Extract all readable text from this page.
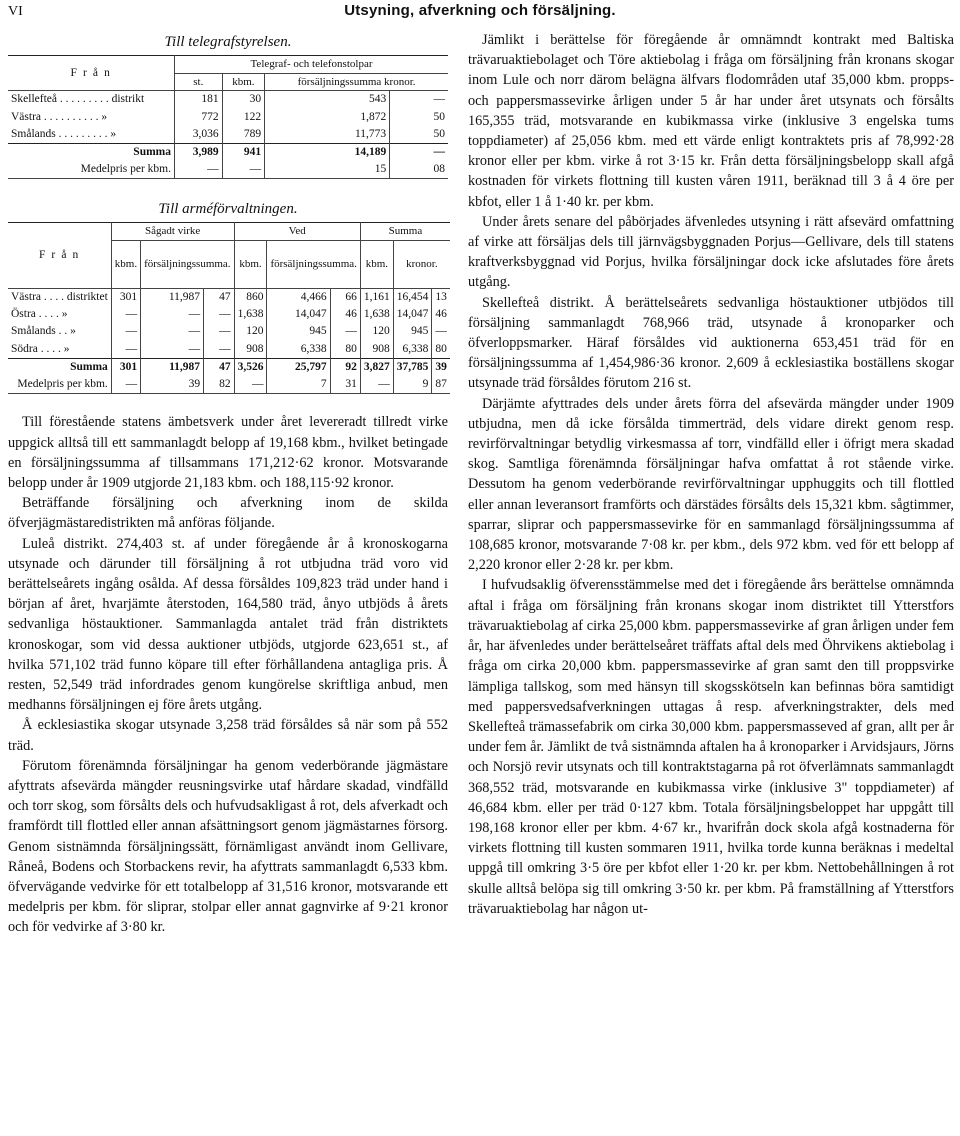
VI	Utsyning, afverkning och försäljning.
Till telegrafstyrelsen.
F r å n	Telegraf- och telefonstolpar			
	st.	kbm.	försäljningssumma kronor.	
Skellefteå . . . . . . . . . distrikt	181	30	543	—
Västra . . . . . . . . . . »	772	122	1,872	50
Smålands . . . . . . . . . »	3,036	789	11,773	50
Summa	3,989	941	14,189	—
Medelpris per kbm.	—	—	15	08
Till arméförvaltningen.
F r å n	Sågadt virke			Ved			Summa		
	kbm.	försäljningssumma.		kbm.	försäljningssumma.		kbm.	kronor.	
Västra . . . . distriktet	301	11,987	47	860	4,466	66	1,161	16,454	13
Östra . . . . »	—	—	—	1,638	14,047	46	1,638	14,047	46
Smålands . . »	—	—	—	120	945	—	120	945	—
Södra . . . . »	—	—	—	908	6,338	80	908	6,338	80
Summa	301	11,987	47	3,526	25,797	92	3,827	37,785	39
Medelpris per kbm.	—	39	82	—	7	31	—	9	87

Till förestående statens ämbetsverk under året levereradt tillredt virke uppgick alltså till ett sammanlagdt belopp af 19,168 kbm., hvilket betingade en försäljningssumma af tillsammans 171,212·62 kronor. Motsvarande belopp under år 1909 utgjorde 21,183 kbm. och 188,115·92 kronor.

Beträffande försäljning och afverkning inom de skilda öfverjägmästaredistrikten må anföras följande.

Luleå distrikt. 274,403 st. af under föregående år å kronoskogarna utsynade och därunder till försäljning å rot utbjudna träd voro vid berättelseårets ingång osålda. Af dessa försåldes 109,823 träd under hand i början af året, hvarjämte återstoden, 164,580 träd, ånyo utbjöds å årets sedvanliga höstauktioner. Sammanlagda antalet träd från distriktets kronoskogar, som vid dessa auktioner utbjöds, utgjorde 623,651 st., af hvilka 571,102 träd funno köpare till efter förhållandena antagliga pris. Å resten, 52,549 träd infordrades genom kungörelse skriftliga anbud, men medhanns försäljningen ej före årets utgång.

Å ecklesiastika skogar utsynade 3,258 träd försåldes så när som på 552 träd.

Förutom förenämnda försäljningar ha genom vederbörande jägmästare afyttrats afsevärda mängder reusningsvirke utaf hårdare skadad, vindfälld och torr skog, som försålts dels och hufvudsakligast å rot, dels afverkadt och framfördt till flottled eller annan afsättningsort genom jägmästarnes försorg. Genom sistnämnda försäljningssätt, förnämligast användt inom Gellivare, Råneå, Bodens och Storbackens revir, ha afyttrats sammanlagdt 6,533 kbm. öfvervägande vedvirke för ett totalbelopp af 31,516 kronor, motsvarande ett medelpris per kbm. för sliprar, stolpar eller annat gagnvirke af 9·21 kronor och för vedvirke af 3·80 kr.

Jämlikt i berättelse för föregående år omnämndt kontrakt med Baltiska trävaruaktiebolaget och Töre aktiebolag i fråga om försäljning från kronans skogar inom Lule och norr därom belägna älfvars flodområden utaf 35,000 kbm. propps- och pappersmassevirke årligen under 5 år har under året utsynats och försålts 165,355 träd, motsvarande en kubikmassa virke (inklusive 3 engelska tums toppdiameter) af 25,056 kbm. med ett värde enligt kontraktets pris af 78,992·28 kronor eller per kbm. virke å rot 3·15 kr. Från detta försäljningsbelopp skall afgå kostnaden för virkets flottning till kusten våren 1911, beräknad till 3 å 4 öre per kbfot, eller 1 å 1·40 kr. per kbm.

Under årets senare del påbörjades äfvenledes utsyning i rätt afsevärd omfattning af virke att försäljas dels till järnvägsbyggnaden Porjus—Gellivare, dels till statens kraftverksbyggnad vid Porjus, hvilka försäljningar dock icke afslutades före årets utgång.

Skellefteå distrikt. Å berättelseårets sedvanliga höstauktioner utbjödos till försäljning sammanlagdt 768,966 träd, utsynade å kronoparker och öfverloppsmarker. Häraf försåldes vid auktionerna 653,451 träd för en försäljningssumma af 1,454,986·36 kronor. 2,609 å ecklesiastika boställens skogar utsynade träd försåldes förutom 216 st.

Därjämte afyttrades dels under årets förra del afsevärda mängder under 1909 utbjudna, men då icke försålda timmerträd, dels vidare direkt genom resp. revirförvaltningar betydlig virkesmassa af torr, vindfälld eller i öfrigt mera skadad skog. Samtliga förenämnda försäljningar hafva omfattat å rot stående virke. Dessutom ha genom vederbörande revirförvaltningar upphuggits och till flottled eller annan leveransort framförts och därstädes försålts dels 15,321 kbm. sågtimmer, sparrar, sliprar och pappersmassevirke för en sammanlagd försäljningssumma af 108,685 kronor, motsvarande 7·08 kr. per kbm., dels 972 kbm. ved för ett belopp af 2,220 kronor eller 2·28 kr. per kbm.

I hufvudsaklig öfverensstämmelse med det i föregående års berättelse omnämnda aftal i fråga om försäljning från kronans skogar inom distriktet till Ytterstfors trävaruaktiebolag af cirka 25,000 kbm. pappersmassevirke af gran årligen under fem år, har äfvenledes under berättelseåret träffats aftal dels med Öhrvikens aktiebolag i fråga om cirka 20,000 kbm. pappersmassevirke af gran samt den till proppsvirke lämpliga tallskog, som med hänsyn till skogsskötseln kan befinnas böra samtidigt med pappersvedsafverkningen uttagas å resp. afverkningstrakter, dels med Skellefteå trämassefabrik om cirka 30,000 kbm. pappersmasseved af gran, allt per år under fem år. Jämlikt de två sistnämnda aftalen ha å kronoparker i Arvidsjaurs, Jörns och Norsjö revir utsynats och till kontraktstagarna på rot öfverlämnats sammanlagdt 368,552 träd, motsvarande en kubikmassa virke (inklusive 3" toppdiameter) af 46,684 kbm. eller per träd 0·127 kbm. Totala försäljningsbeloppet har uppgått till 198,168 kronor eller per kbm. 4·67 kr., hvarifrån dock skola afgå kostnaderna för virkets flottning till kusten sommaren 1911, hvilka torde kunna beräknas i medeltal uppgå till omkring 3·5 öre per kbfot eller 1·20 kr. per kbm. Nettobehållningen å rot skulle alltså belöpa sig till omkring 3·50 kr. per kbm. På framställning af Ytterstfors trävaruaktiebolag har någon ut-
